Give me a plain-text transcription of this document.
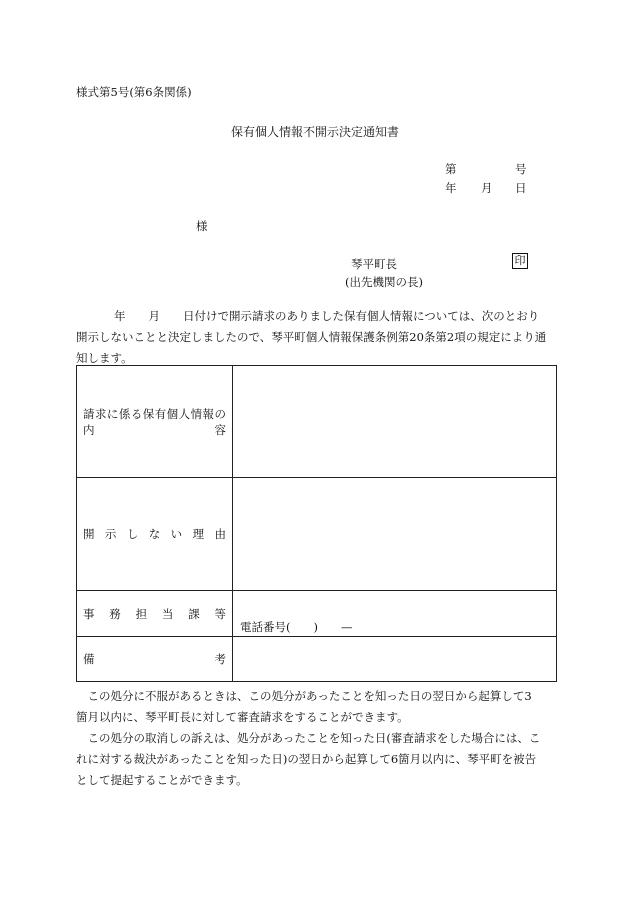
様式第5号(第6条関係)
保有個人情報不開示決定通知書
第	号
年 月 日
様
琴平町長	印
(出先機関の長)

年 月 日付けで開示請求のありました保有個人情報については、次のとおり

開示しないことと決定しましたので、琴平町個人情報保護条例第20条第2項の規定により通

知します。

請求に係る保有個人情報の
内 容	

開示しない理由	

事務担当課等	電話番号(　　)　　—

備 考	

　この処分に不服があるときは、この処分があったことを知った日の翌日から起算して3

箇月以内に、琴平町長に対して審査請求をすることができます。

　この処分の取消しの訴えは、処分があったことを知った日(審査請求をした場合には、こ

れに対する裁決があったことを知った日)の翌日から起算して6箇月以内に、琴平町を被告

として提起することができます。
